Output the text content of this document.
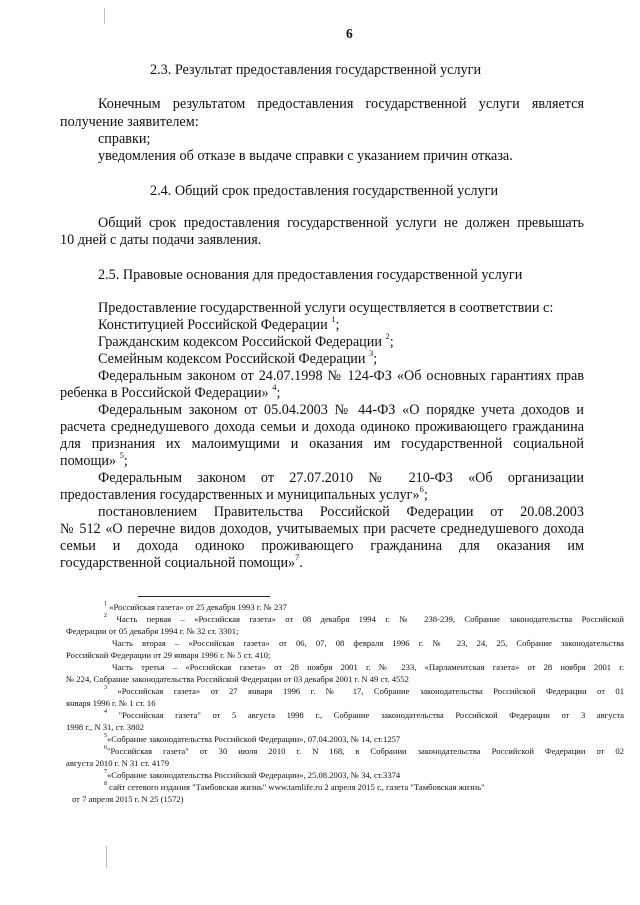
6
2.3. Результат предоставления государственной услуги
Конечным результатом предоставления государственной услуги является
получение заявителем:
справки;
уведомления об отказе в выдаче справки с указанием причин отказа.
2.4. Общий срок предоставления государственной услуги
Общий срок предоставления государственной услуги не должен превышать
10 дней с даты подачи заявления.
2.5. Правовые основания для предоставления государственной услуги
Предоставление государственной услуги осуществляется в соответствии с:
Конституцией Российской Федерации $^1$;
Гражданским кодексом Российской Федерации $^2$;
Семейным кодексом Российской Федерации $^3$;
Федеральным законом от 24.07.1998 № 124-ФЗ «Об основных гарантиях прав
ребенка в Российской Федерации» $^4$;
Федеральным законом от 05.04.2003 № 44-ФЗ «О порядке учета доходов и
расчета среднедушевого дохода семьи и дохода одиноко проживающего гражданина
для признания их малоимущими и оказания им государственной социальной
помощи» $^5$;
Федеральным законом от 27.07.2010 № 210-ФЗ «Об организации
предоставления государственных и муниципальных услуг»$^6$;
постановлением Правительства Российской Федерации от 20.08.2003
№ 512 «О перечне видов доходов, учитываемых при расчете среднедушевого дохода
семьи и дохода одиноко проживающего гражданина для оказания им
государственной социальной помощи»$^7$.
$^1$ «Российская газета» от 25 декабря 1993 г. № 237
$^2$ Часть первая – «Российская газета» от 08 декабря 1994 г. № 238-239, Собрание законодательства Российской
Федерации от 05 декабря 1994 г. № 32 ст. 3301;
Часть вторая – «Российская газета» от 06, 07, 08 февраля 1996 г. № 23, 24, 25, Собрание законодательства
Российской Федерации от 29 января 1996 г. № 5 ст. 410;
Часть третья – «Российская газета» от 28 ноября 2001 г. № 233, «Парламентская газета» от 28 ноября 2001 г.
№ 224, Собрание законодательства Российской Федерации от 03 декабря 2001 г. N 49 ст. 4552
$^3$ «Российская газета» от 27 января 1996 г. № 17, Собрание законодательства Российской Федерации от 01
января 1996 г. № 1 ст. 16
$^4$ "Российская газета" от 5 августа 1998 г., Собрание законодательства Российской Федерации от 3 августа
1998 г., N 31, ст. 3802
$^5$«Собрание законодательства Российской Федерации», 07.04.2003, № 14, ст.1257
$^6$"Российская газета" от 30 июля 2010 г. N 168, в Собрании законодательства Российской Федерации от 02
августа 2010 г. N 31 ст. 4179
$^7$«Собрание законодательства Российской Федерации», 25.08.2003, № 34, ст.3374
$^8$ сайт сетевого издания "Тамбовская жизнь" www.tamlife.ru 2 апреля 2015 г., газета "Тамбовская жизнь"
от 7 апреля 2015 г. N 25 (1572)
